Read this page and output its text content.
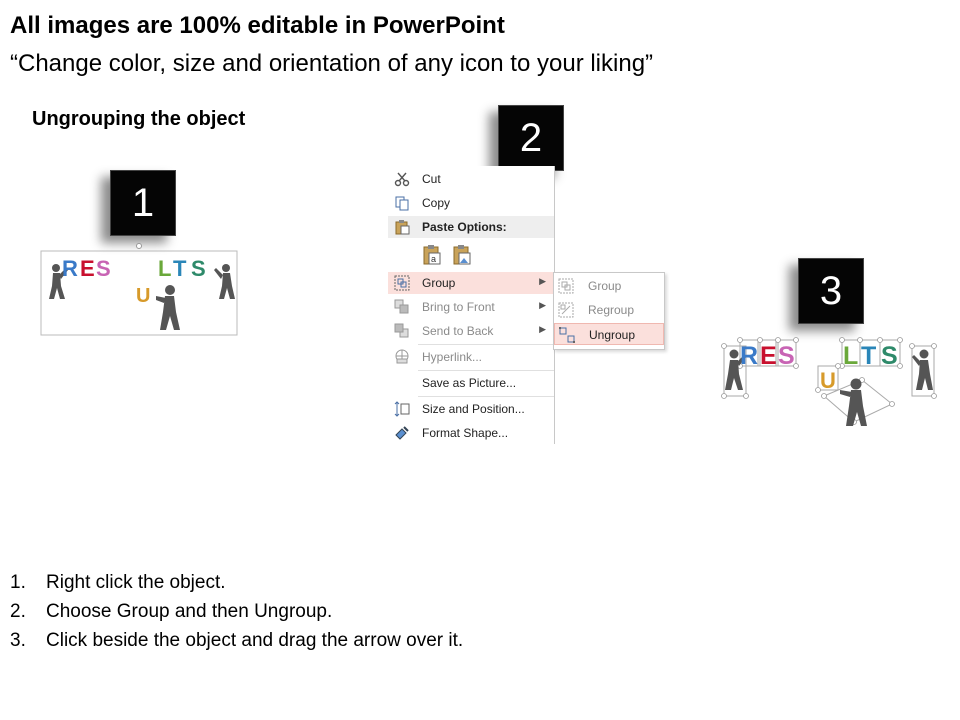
All images are 100% editable in PowerPoint
“Change color, size and orientation of any icon to your liking”
Ungrouping the object
1
R E S
U
L T S
2
Cut
Copy
Paste Options:
a
Group	▶
Bring to Front	▶
Send to Back	▶
Hyperlink...
Save as Picture...
Size and Position...
Format Shape...
Group
Regroup
Ungroup
3
R E S
U
L T S
1. Right click the object.
2. Choose Group and then Ungroup.
3. Click beside the object and drag the arrow over it.
